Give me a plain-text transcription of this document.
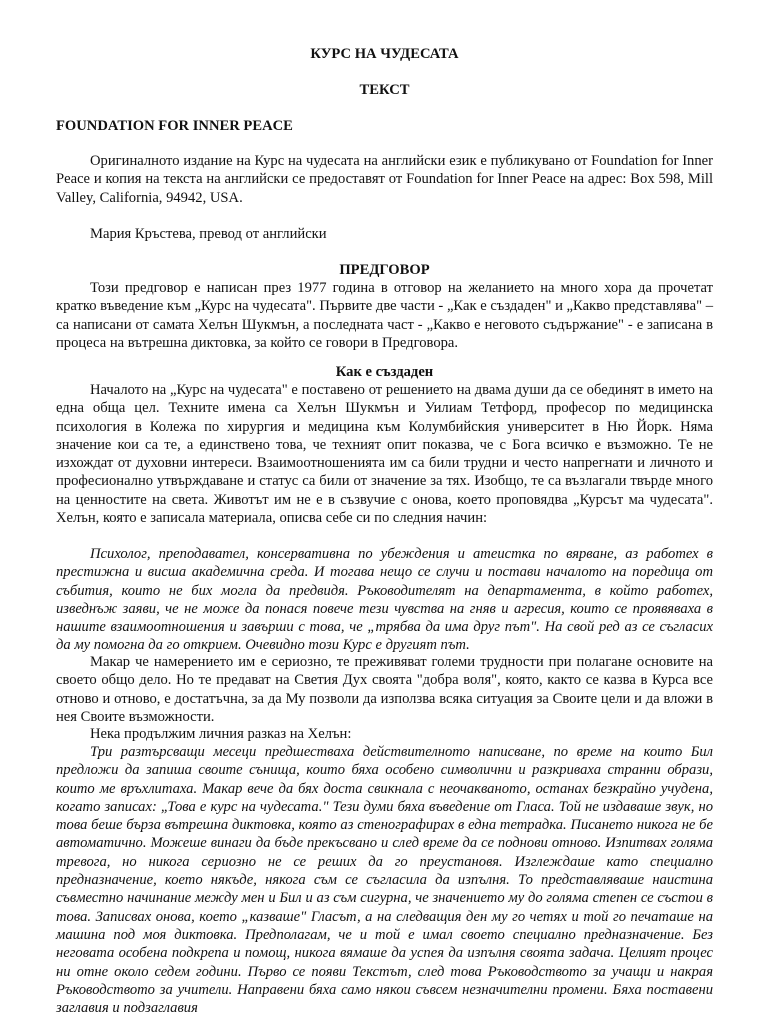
КУРС НА ЧУДЕСАТА

ТЕКСТ

FOUNDATION FOR INNER PEACE

Оригиналното издание на Курс на чудесата на английски език е публикувано от Foundation for Inner Peace и копия на текста на английски се предоставят от Foundation for Inner Peace на адрес: Box 598, Mill Valley, California, 94942, USA.

Мария Кръстева, превод от английски

ПРЕДГОВОР

Този предговор е написан през 1977 година в отговор на желанието на много хора да прочетат кратко въведение към „Курс на чудесата". Първите две части - „Как е създаден" и „Какво представлява" – са написани от самата Хелън Шукмън, а последната част - „Какво е неговото съдържание" - е записана в процеса на вътрешна диктовка, за който се говори в Предговора.

Как е създаден

Началото на „Курс на чудесата" е поставено от решението на двама души да се обединят в името на една обща цел. Техните имена са Хелън Шукмън и Уилиам Тетфорд, професор по медицинска психология в Колежа по хирургия и медицина към Колумбийския университет в Ню Йорк. Няма значение кои са те, а единствено това, че техният опит показва, че с Бога всичко е възможно. Те не изхождат от духовни интереси. Взаимоотношенията им са били трудни и често напрегнати и личното и професионално утвърждаване и статус са били от значение за тях. Изобщо, те са възлагали твърде много на ценностите на света. Животът им не е в съзвучие с онова, което проповядва „Курсът ма чудесата". Хелън, която е записала материала, описва себе си по следния начин:

Психолог, преподавател, консервативна по убеждения и атеистка по вярване, аз работех в престижна и висша академична среда. И тогава нещо се случи и постави началото на поредица от събития, които не бих могла да предвидя. Ръководителят на департамента, в който работех, изведнъж заяви, че не може да понася повече тези чувства на гняв и агресия, които се проявяваха в нашите взаимоотношения и завърши с това, че „трябва да има друг път". На свой ред аз се съгласих да му помогна да го открием. Очевидно този Курс е другият път.

Макар че намерението им е сериозно, те преживяват големи трудности при полагане основите на своето общо дело. Но те предават на Светия Дух своята "добра воля", която, както се казва в Курса все отново и отново, е достатъчна, за да Му позволи да използва всяка ситуация за Своите цели и да вложи в нея Своите възможности.

Нека продължим личния разказ на Хелън:

Три разтърсващи месеци предшестваха действителното написване, по време на които Бил предложи да запиша своите сънища, които бяха особено символични и разкриваха странни образи, които ме връхлитаха. Макар вече да бях доста свикнала с неочакваното, останах безкрайно учудена, когато записах: „Това е курс на чудесата." Тези думи бяха въведение от Гласа. Той не издаваше звук, но това беше бърза вътрешна диктовка, която аз стенографирах в една тетрадка. Писането никога не бе автоматично. Можеше винаги да бъде прекъсвано и след време да се поднови отново. Изпитвах голяма тревога, но никога сериозно не се реших да го преустановя. Изглеждаше като специално предназначение, което някъде, някога съм се съгласила да изпълня. То представляваше наистина съвместно начинание между мен и Бил и аз съм сигурна, че значението му до голяма степен се състои в това. Записвах онова, което „казваше" Гласът, а на следващия ден му го четях и той го печаташе на машина под моя диктовка. Предполагам, че и той е имал своето специално предназначение. Без неговата особена подкрепа и помощ, никога вямаше да успея да изпълня своята задача. Целият процес ни отне около седем години. Първо се появи Текстът, след това Ръководството за учащи и накрая Ръководството за учители. Направени бяха само някои съвсем незначителни промени. Бяха поставени заглавия и подзаглавия
